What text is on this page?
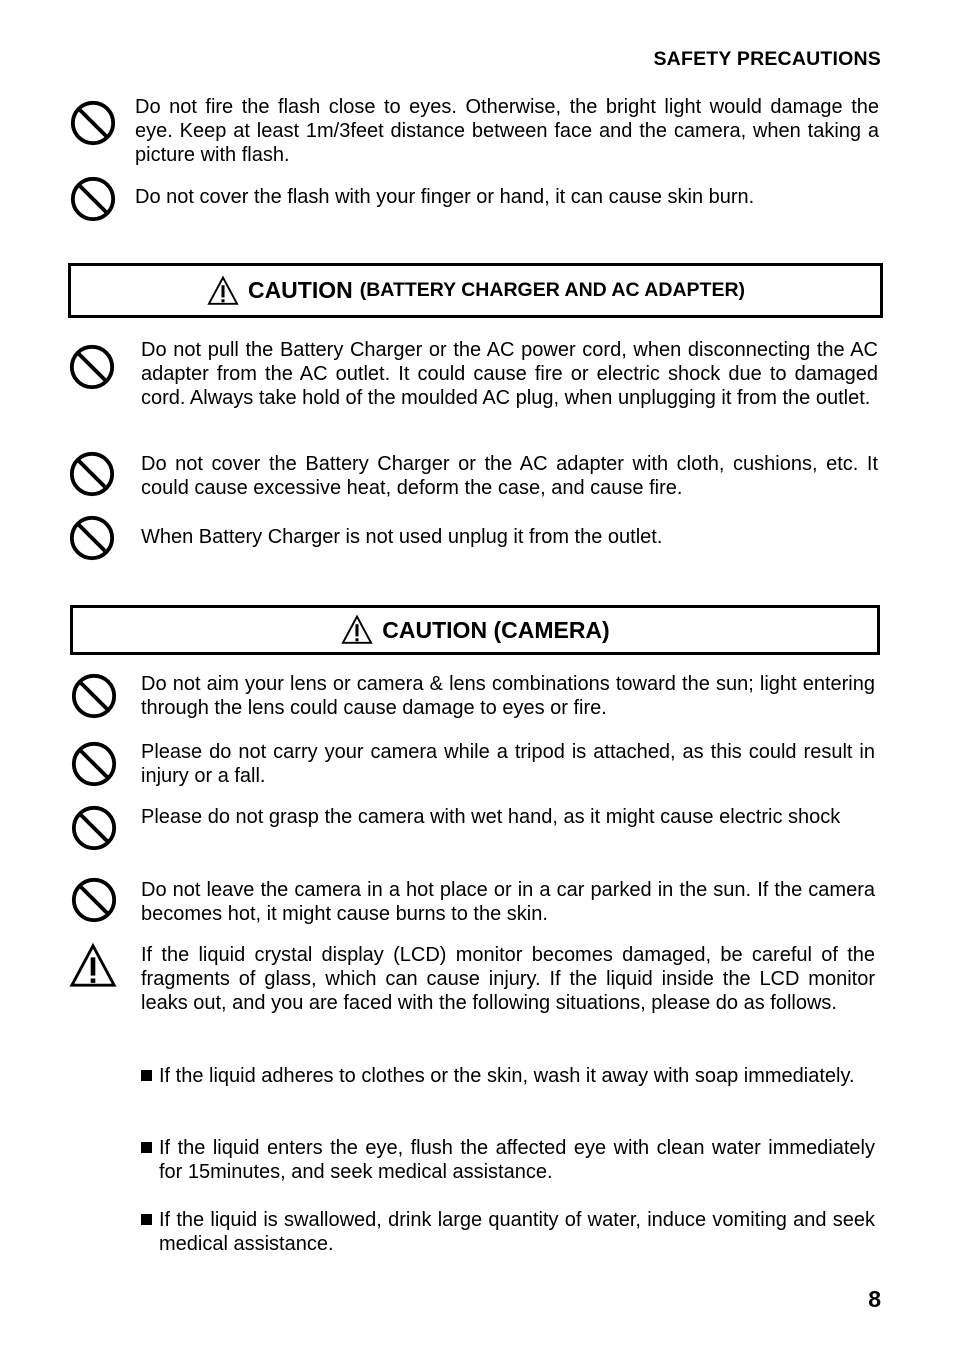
SAFETY PRECAUTIONS
Do not fire the flash close to eyes. Otherwise, the bright light would damage the eye. Keep at least 1m/3feet distance between face and the camera, when taking a picture with flash.
Do not cover the flash with your finger or hand, it can cause skin burn.
CAUTION (BATTERY CHARGER AND AC ADAPTER)
Do not pull the Battery Charger or the AC power cord, when disconnecting the AC adapter from the AC outlet. It could cause fire or electric shock due to damaged cord. Always take hold of the moulded AC plug, when unplugging it from the outlet.
Do not cover the Battery Charger or the AC adapter with cloth, cushions, etc. It could cause excessive heat, deform the case, and cause fire.
When Battery Charger is not used unplug it from the outlet.
CAUTION (CAMERA)
Do not aim your lens or camera & lens combinations toward the sun; light entering through the lens could cause damage to eyes or fire.
Please do not carry your camera while a tripod is attached, as this could result in injury or a fall.
Please do not grasp the camera with wet hand, as it might cause electric shock
Do not leave the camera in a hot place or in a car parked in the sun. If the camera becomes hot, it might cause burns to the skin.
If the liquid crystal display (LCD) monitor becomes damaged, be careful of the fragments of glass, which can cause injury. If the liquid inside the LCD monitor leaks out, and you are faced with the following situations, please do as follows.
If the liquid adheres to clothes or the skin, wash it away with soap immediately.
If the liquid enters the eye, flush the affected eye with clean water immediately for 15minutes, and seek medical assistance.
If the liquid is swallowed, drink large quantity of water, induce vomiting and seek medical assistance.
8
